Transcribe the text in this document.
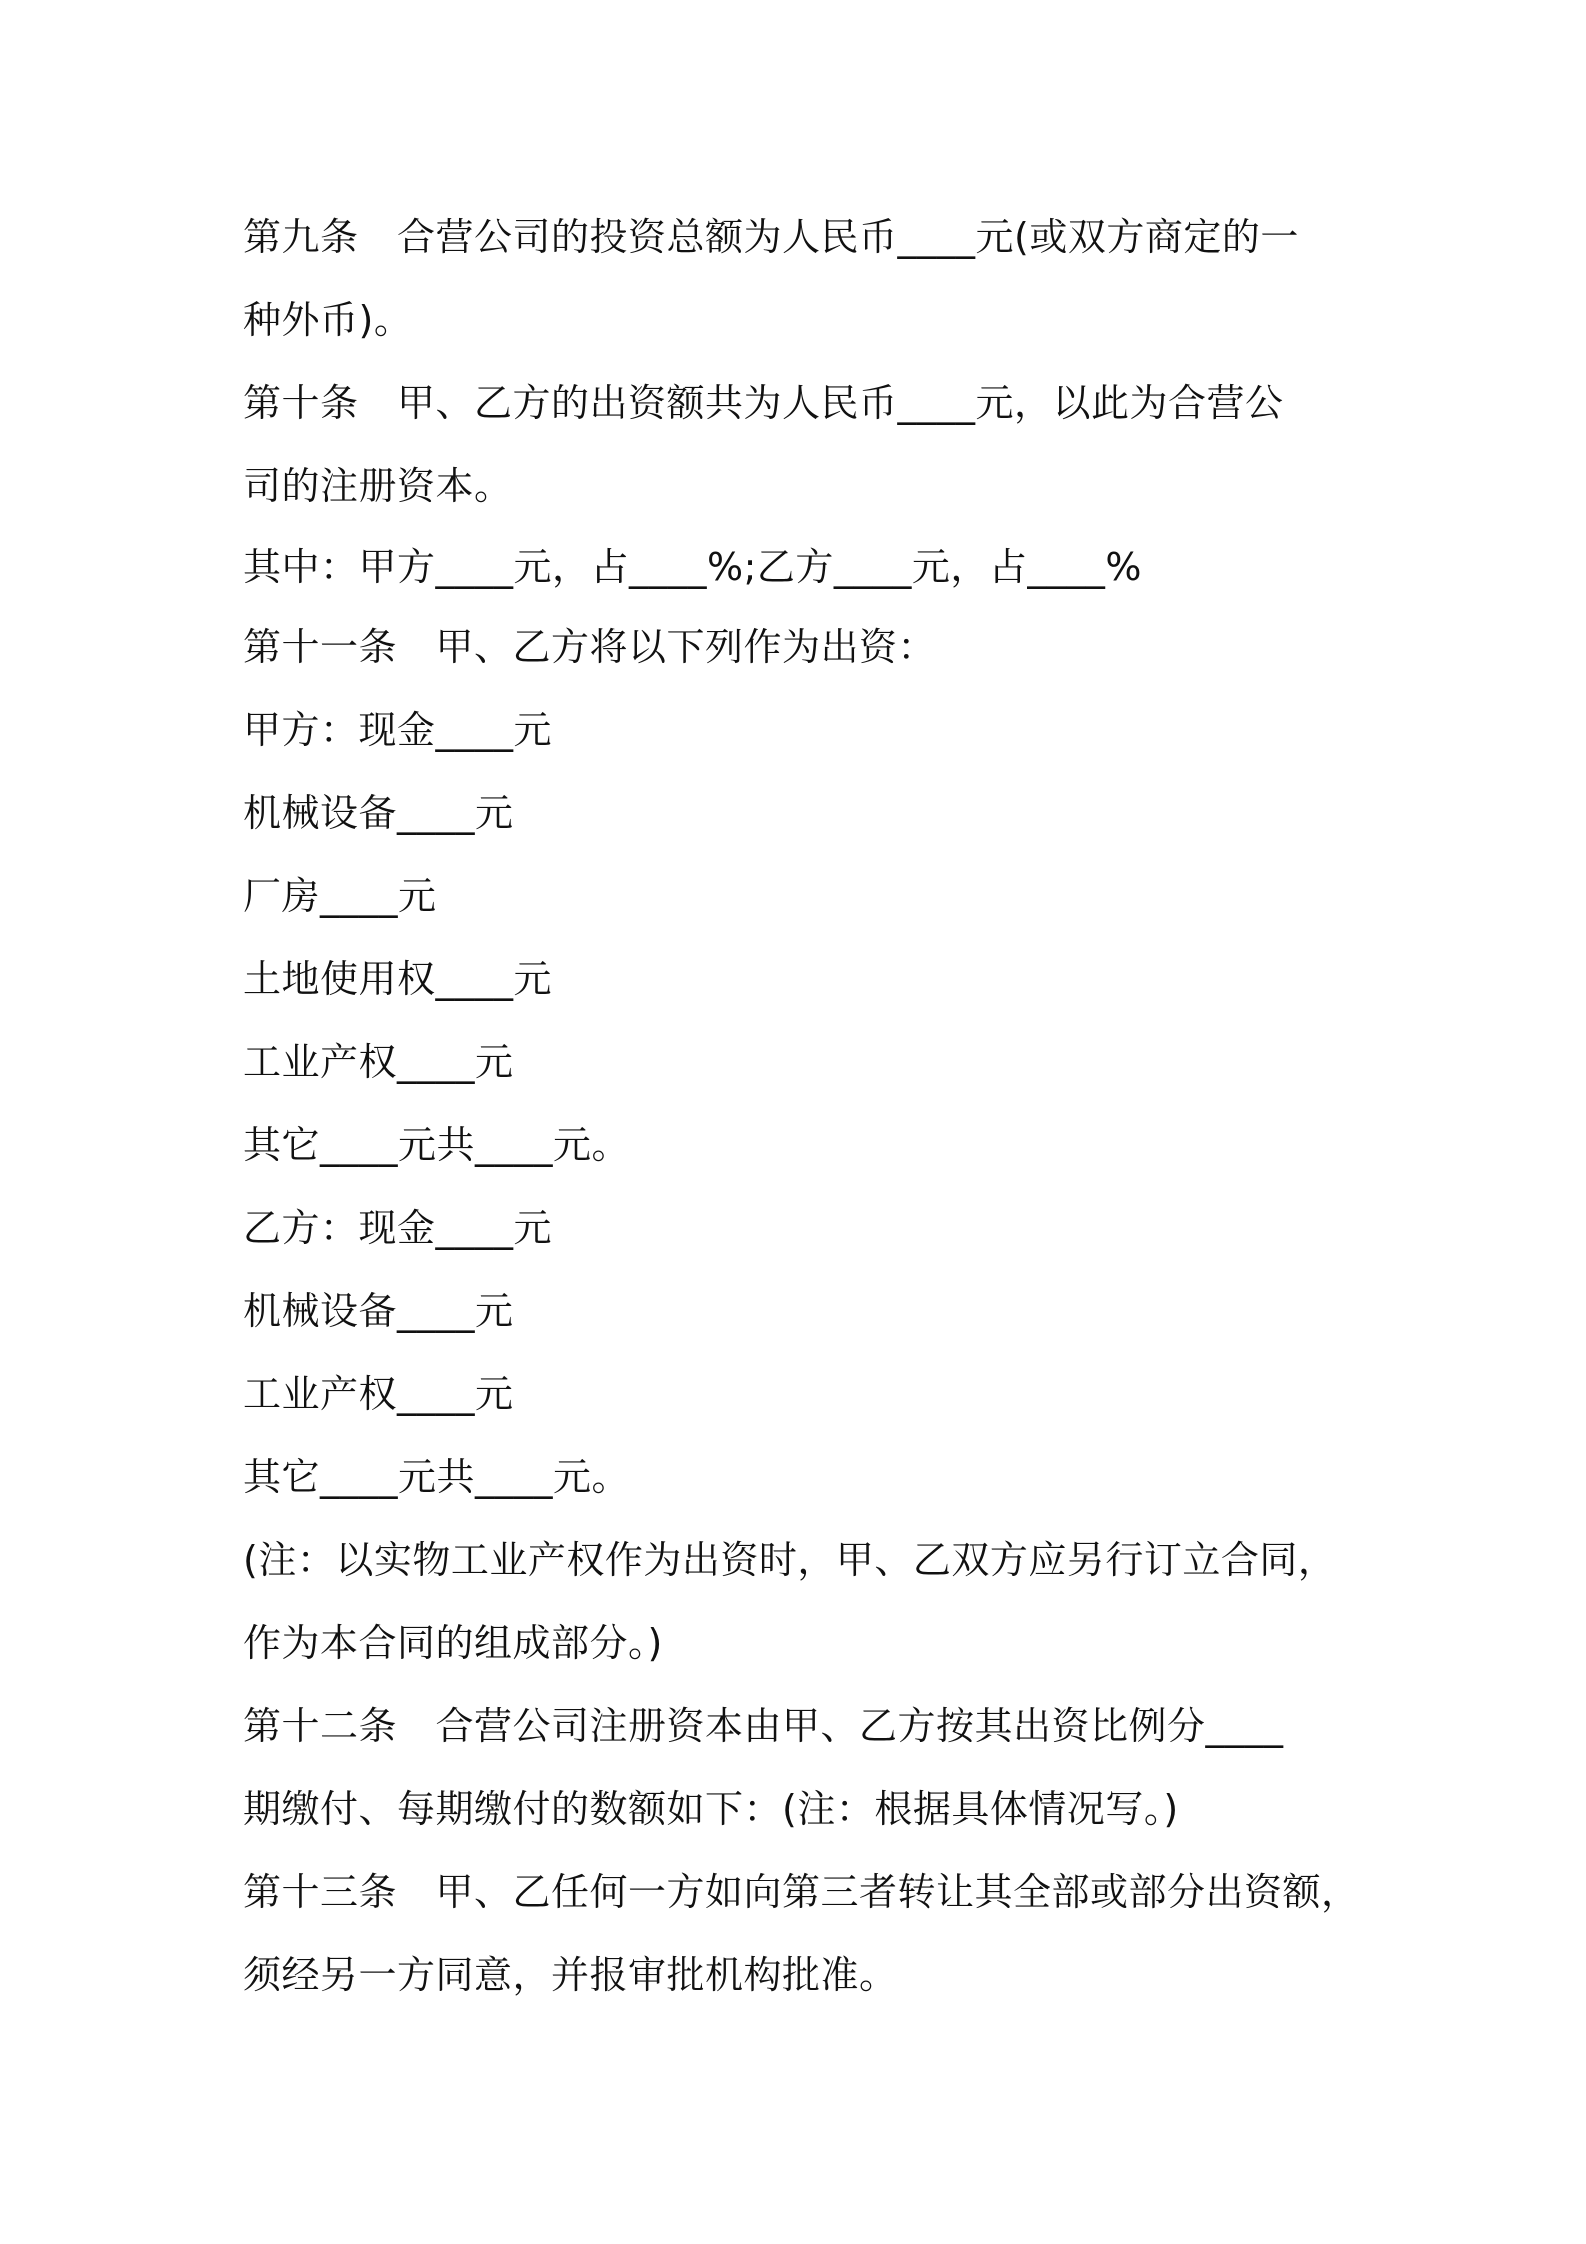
第九条　合营公司的投资总额为人民币____元(或双方商定的一
种外币)。
第十条　甲、乙方的出资额共为人民币____元，以此为合营公
司的注册资本。
其中：甲方____元，占____%;乙方____元，占____%
第十一条　甲、乙方将以下列作为出资：
甲方：现金____元
机械设备____元
厂房____元
土地使用权____元
工业产权____元
其它____元共____元。
乙方：现金____元
机械设备____元
工业产权____元
其它____元共____元。
(注：以实物工业产权作为出资时，甲、乙双方应另行订立合同，
作为本合同的组成部分。)
第十二条　合营公司注册资本由甲、乙方按其出资比例分____
期缴付、每期缴付的数额如下：(注：根据具体情况写。)
第十三条　甲、乙任何一方如向第三者转让其全部或部分出资额，
须经另一方同意，并报审批机构批准。
